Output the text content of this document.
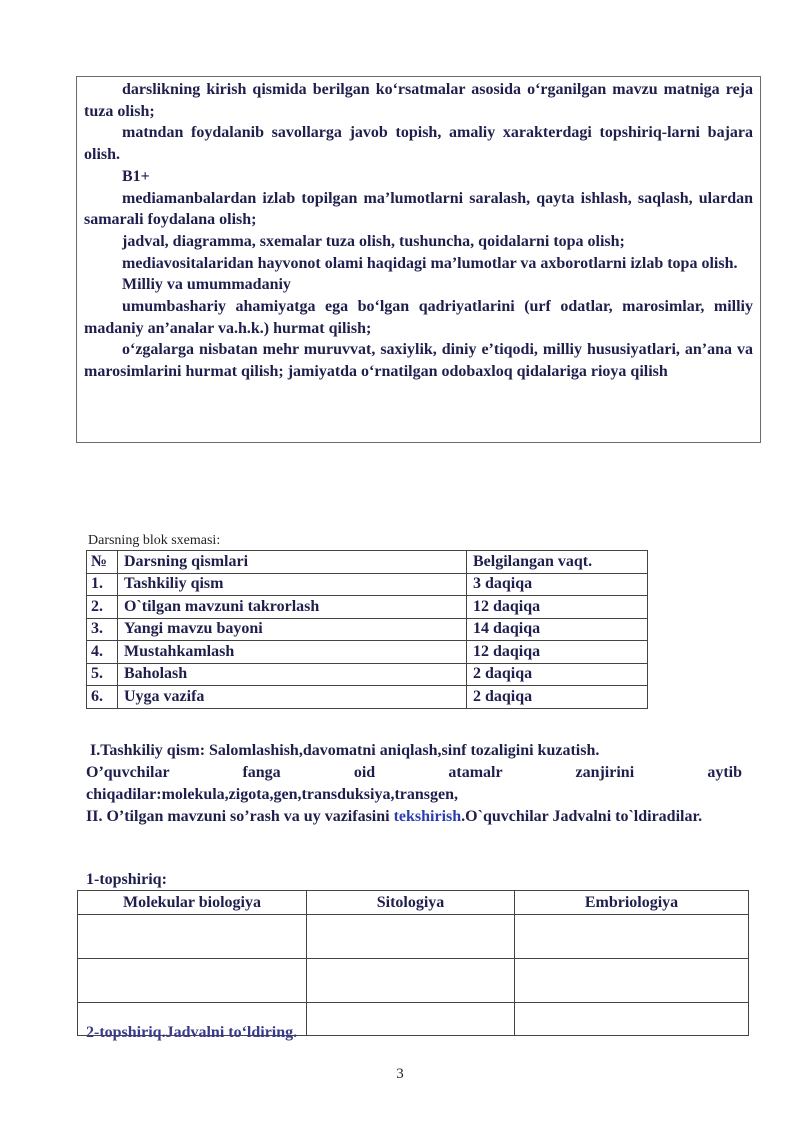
darslikning kirish qismida berilgan ko‘rsatmalar asosida o‘rganilgan mavzu matniga reja tuza olish;

matndan foydalanib savollarga javob topish, amaliy xarakterdagi topshiriq-larni bajara olish.

B1+

mediamanbalardan izlab topilgan ma’lumotlarni saralash, qayta ishlash, saqlash, ulardan samarali foydalana olish;

jadval, diagramma, sxemalar tuza olish, tushuncha, qoidalarni topa olish;

mediavositalaridan hayvonot olami haqidagi ma’lumotlar va axborotlarni izlab topa olish.

Milliy va umummadaniy

umumbashariy ahamiyatga ega bo‘lgan qadriyatlarini (urf odatlar, marosimlar, milliy madaniy an’analar va.h.k.) hurmat qilish;

o‘zgalarga nisbatan mehr muruvvat, saxiylik, diniy e’tiqodi, milliy hususiyatlari, an’ana va marosimlarini hurmat qilish; jamiyatda o‘rnatilgan odobaxloq qidalariga rioya qilish

Darsning blok sxemasi:
№	Darsning qismlari	Belgilangan vaqt.
1.	Tashkiliy qism	3 daqiqa
2.	O`tilgan mavzuni takrorlash	12 daqiqa
3.	Yangi mavzu bayoni	14 daqiqa
4.	Mustahkamlash	12 daqiqa
5.	Baholash	2 daqiqa
6.	Uyga vazifa	2 daqiqa

I.Tashkiliy qism: Salomlashish,davomatni aniqlash,sinf tozaligini kuzatish.

O’quvchilar fanga oid atamalr zanjirini aytib

chiqadilar:molekula,zigota,gen,transduksiya,transgen,

II. O’tilgan mavzuni so’rash va uy vazifasini tekshirish.O`quvchilar Jadvalni to`ldiradilar.

1-topshiriq:
Molekular biologiya	Sitologiya	Embriologiya

2-topshiriq.Jadvalni to‘ldiring.
3
